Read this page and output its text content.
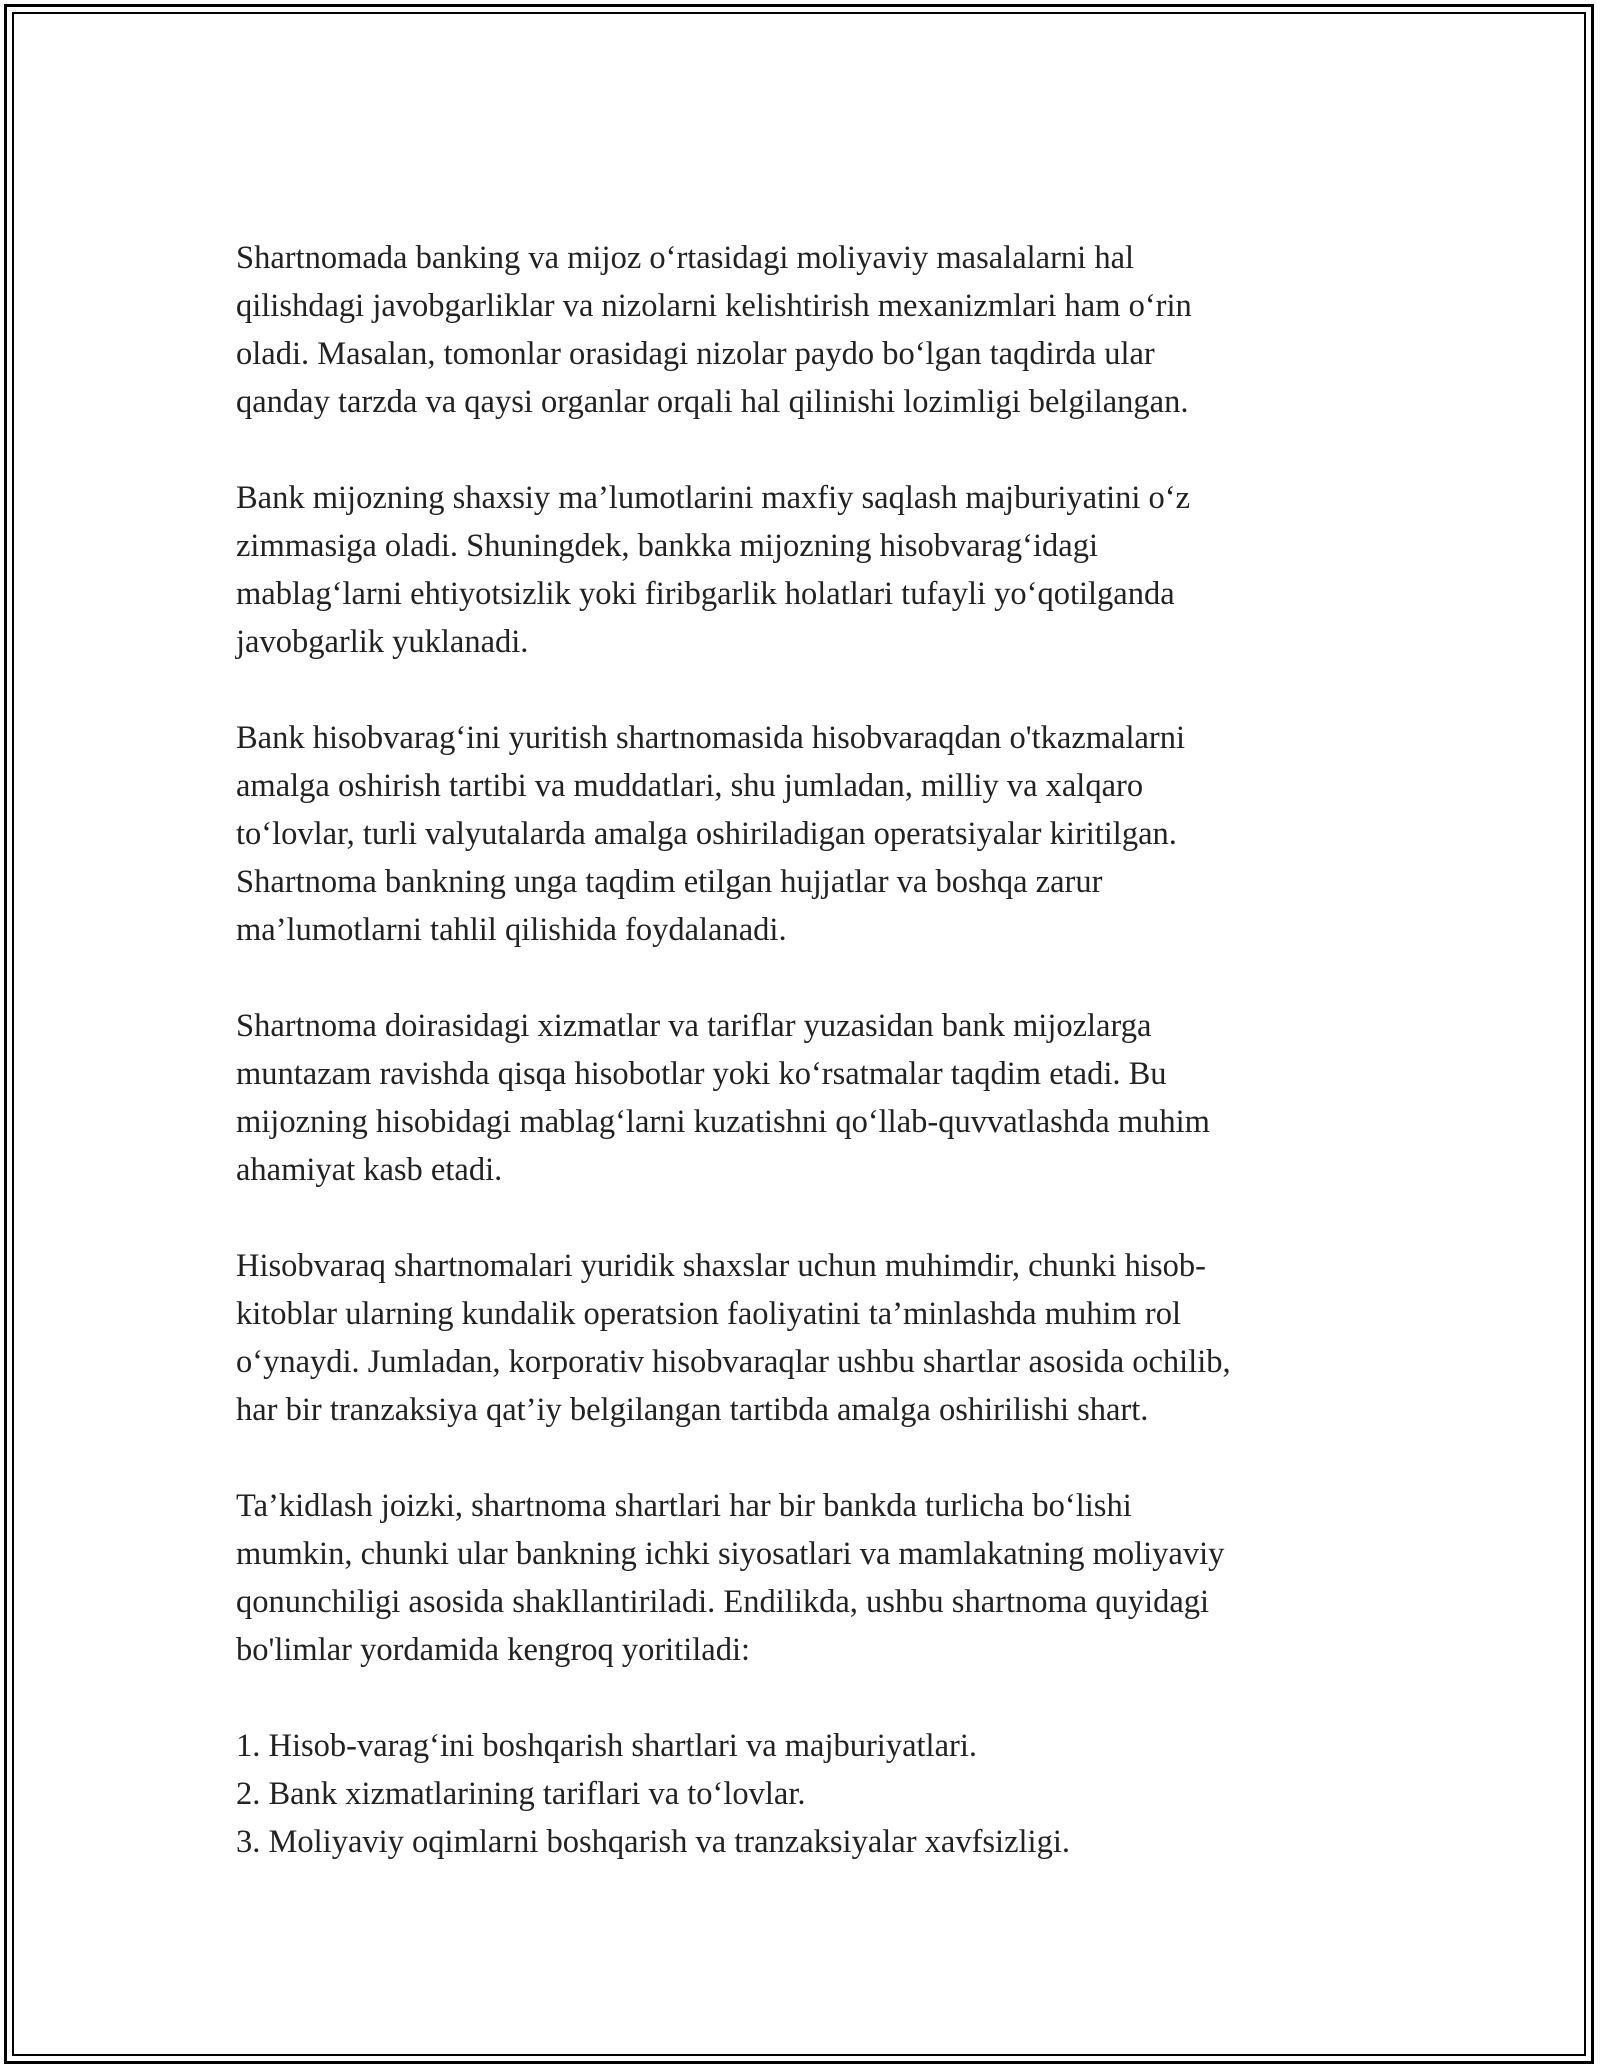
Shartnomada banking va mijoz o‘rtasidagi moliyaviy masalalarni hal
qilishdagi javobgarliklar va nizolarni kelishtirish mexanizmlari ham o‘rin
oladi. Masalan, tomonlar orasidagi nizolar paydo bo‘lgan taqdirda ular
qanday tarzda va qaysi organlar orqali hal qilinishi lozimligi belgilangan.

Bank mijozning shaxsiy ma’lumotlarini maxfiy saqlash majburiyatini o‘z
zimmasiga oladi. Shuningdek, bankka mijozning hisobvarag‘idagi
mablag‘larni ehtiyotsizlik yoki firibgarlik holatlari tufayli yo‘qotilganda
javobgarlik yuklanadi.

Bank hisobvarag‘ini yuritish shartnomasida hisobvaraqdan o'tkazmalarni
amalga oshirish tartibi va muddatlari, shu jumladan, milliy va xalqaro
to‘lovlar, turli valyutalarda amalga oshiriladigan operatsiyalar kiritilgan.
Shartnoma bankning unga taqdim etilgan hujjatlar va boshqa zarur
ma’lumotlarni tahlil qilishida foydalanadi.

Shartnoma doirasidagi xizmatlar va tariflar yuzasidan bank mijozlarga
muntazam ravishda qisqa hisobotlar yoki ko‘rsatmalar taqdim etadi. Bu
mijozning hisobidagi mablag‘larni kuzatishni qo‘llab-quvvatlashda muhim
ahamiyat kasb etadi.

Hisobvaraq shartnomalari yuridik shaxslar uchun muhimdir, chunki hisob-
kitoblar ularning kundalik operatsion faoliyatini ta’minlashda muhim rol
o‘ynaydi. Jumladan, korporativ hisobvaraqlar ushbu shartlar asosida ochilib,
har bir tranzaksiya qat’iy belgilangan tartibda amalga oshirilishi shart.

Ta’kidlash joizki, shartnoma shartlari har bir bankda turlicha bo‘lishi
mumkin, chunki ular bankning ichki siyosatlari va mamlakatning moliyaviy
qonunchiligi asosida shakllantiriladi. Endilikda, ushbu shartnoma quyidagi
bo'limlar yordamida kengroq yoritiladi:

1. Hisob-varag‘ini boshqarish shartlari va majburiyatlari.
2. Bank xizmatlarining tariflari va to‘lovlar.
3. Moliyaviy oqimlarni boshqarish va tranzaksiyalar xavfsizligi.
